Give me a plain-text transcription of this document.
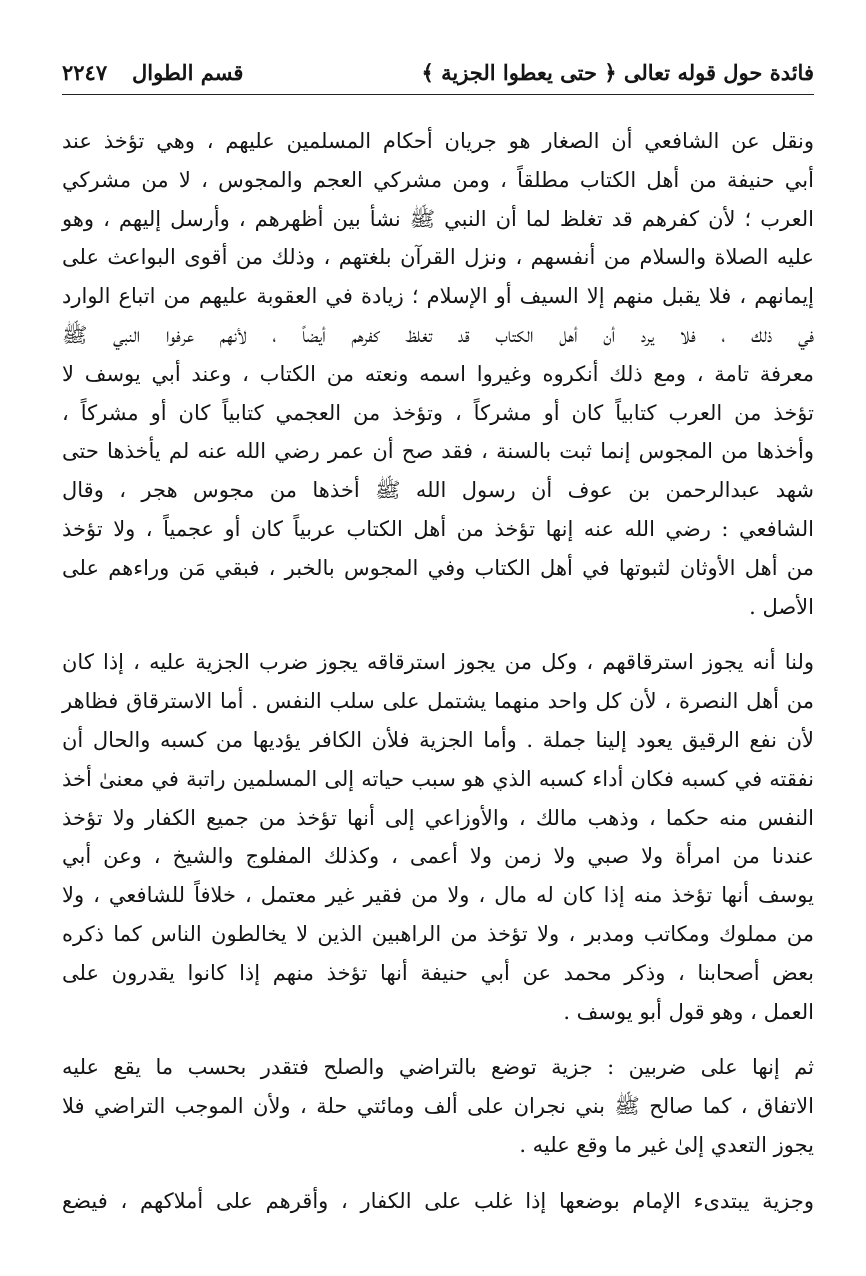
فائدة حول قوله تعالى ﴿ حتى يعطوا الجزية ﴾
قسم الطوال
٢٢٤٧
ونقل عن الشافعي أن الصغار هو جريان أحكام المسلمين عليهم ، وهي تؤخذ عند
أبي حنيفة من أهل الكتاب مطلقاً ، ومن مشركي العجم والمجوس ، لا من مشركي
العرب ؛ لأن كفرهم قد تغلظ لما أن النبي ﷺ نشأ بين أظهرهم ، وأرسل إليهم ، وهو
عليه الصلاة والسلام من أنفسهم ، ونزل القرآن بلغتهم ، وذلك من أقوى البواعث على
إيمانهم ، فلا يقبل منهم إلا السيف أو الإسلام ؛ زيادة في العقوبة عليهم من اتباع الوارد
في ذلك ، فلا يرد أن أهل الكتاب قد تغلظ كفرهم أيضاً ، لأنهم عرفوا النبي ﷺ
معرفة تامة ، ومع ذلك أنكروه وغيروا اسمه ونعته من الكتاب ، وعند أبي يوسف لا
تؤخذ من العرب كتابياً كان أو مشركاً ، وتؤخذ من العجمي كتابياً كان أو مشركاً ،
وأخذها من المجوس إنما ثبت بالسنة ، فقد صح أن عمر رضي الله عنه لم يأخذها حتى
شهد عبدالرحمن بن عوف أن رسول الله ﷺ أخذها من مجوس هجر ، وقال
الشافعي : رضي الله عنه إنها تؤخذ من أهل الكتاب عربياً كان أو عجمياً ، ولا تؤخذ
من أهل الأوثان لثبوتها في أهل الكتاب وفي المجوس بالخبر ، فبقي مَن وراءهم على
الأصل .
ولنا أنه يجوز استرقاقهم ، وكل من يجوز استرقاقه يجوز ضرب الجزية عليه ، إذا كان
من أهل النصرة ، لأن كل واحد منهما يشتمل على سلب النفس . أما الاسترقاق فظاهر
لأن نفع الرقيق يعود إلينا جملة . وأما الجزية فلأن الكافر يؤديها من كسبه والحال أن
نفقته في كسبه فكان أداء كسبه الذي هو سبب حياته إلى المسلمين راتبة في معنىٰ أخذ
النفس منه حكما ، وذهب مالك ، والأوزاعي إلى أنها تؤخذ من جميع الكفار ولا تؤخذ
عندنا من امرأة ولا صبي ولا زمن ولا أعمى ، وكذلك المفلوج والشيخ ، وعن أبي
يوسف أنها تؤخذ منه إذا كان له مال ، ولا من فقير غير معتمل ، خلافاً للشافعي ، ولا
من مملوك ومكاتب ومدبر ، ولا تؤخذ من الراهبين الذين لا يخالطون الناس كما ذكره
بعض أصحابنا ، وذكر محمد عن أبي حنيفة أنها تؤخذ منهم إذا كانوا يقدرون على
العمل ، وهو قول أبو يوسف .
ثم إنها على ضربين : جزية توضع بالتراضي والصلح فتقدر بحسب ما يقع عليه
الاتفاق ، كما صالح ﷺ بني نجران على ألف ومائتي حلة ، ولأن الموجب التراضي فلا
يجوز التعدي إلىٰ غير ما وقع عليه .
وجزية يبتدىء الإمام بوضعها إذا غلب على الكفار ، وأقرهم على أملاكهم ، فيضع
